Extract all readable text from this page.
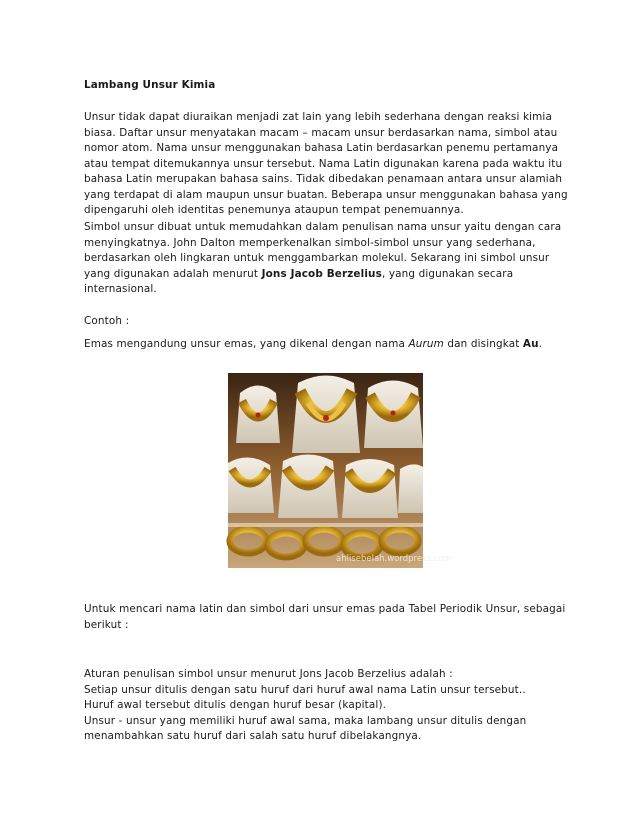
Lambang Unsur Kimia
Unsur tidak dapat diuraikan menjadi zat lain yang lebih sederhana dengan reaksi kimia
biasa. Daftar unsur menyatakan macam – macam unsur berdasarkan nama, simbol atau
nomor atom. Nama unsur menggunakan bahasa Latin berdasarkan penemu pertamanya
atau tempat ditemukannya unsur tersebut. Nama Latin digunakan karena pada waktu itu
bahasa Latin merupakan bahasa sains. Tidak dibedakan penamaan antara unsur alamiah
yang terdapat di alam maupun unsur buatan. Beberapa unsur menggunakan bahasa yang
dipengaruhi oleh identitas penemunya ataupun tempat penemuannya.
Simbol unsur dibuat untuk memudahkan dalam penulisan nama unsur yaitu dengan cara
menyingkatnya. John Dalton memperkenalkan simbol-simbol unsur yang sederhana,
berdasarkan oleh lingkaran untuk menggambarkan molekul. Sekarang ini simbol unsur
yang digunakan adalah menurut Jons Jacob Berzelius, yang digunakan secara
internasional.
Contoh :
Emas mengandung unsur emas, yang dikenal dengan nama Aurum dan disingkat Au.
ahlisebelah.wordpress.com
Untuk mencari nama latin dan simbol dari unsur emas pada Tabel Periodik Unsur, sebagai
berikut :
Aturan penulisan simbol unsur menurut Jons Jacob Berzelius adalah :
Setiap unsur ditulis dengan satu huruf dari huruf awal nama Latin unsur tersebut..
Huruf awal tersebut ditulis dengan huruf besar (kapital).
Unsur - unsur yang memiliki huruf awal sama, maka lambang unsur ditulis dengan
menambahkan satu huruf dari salah satu huruf dibelakangnya.
